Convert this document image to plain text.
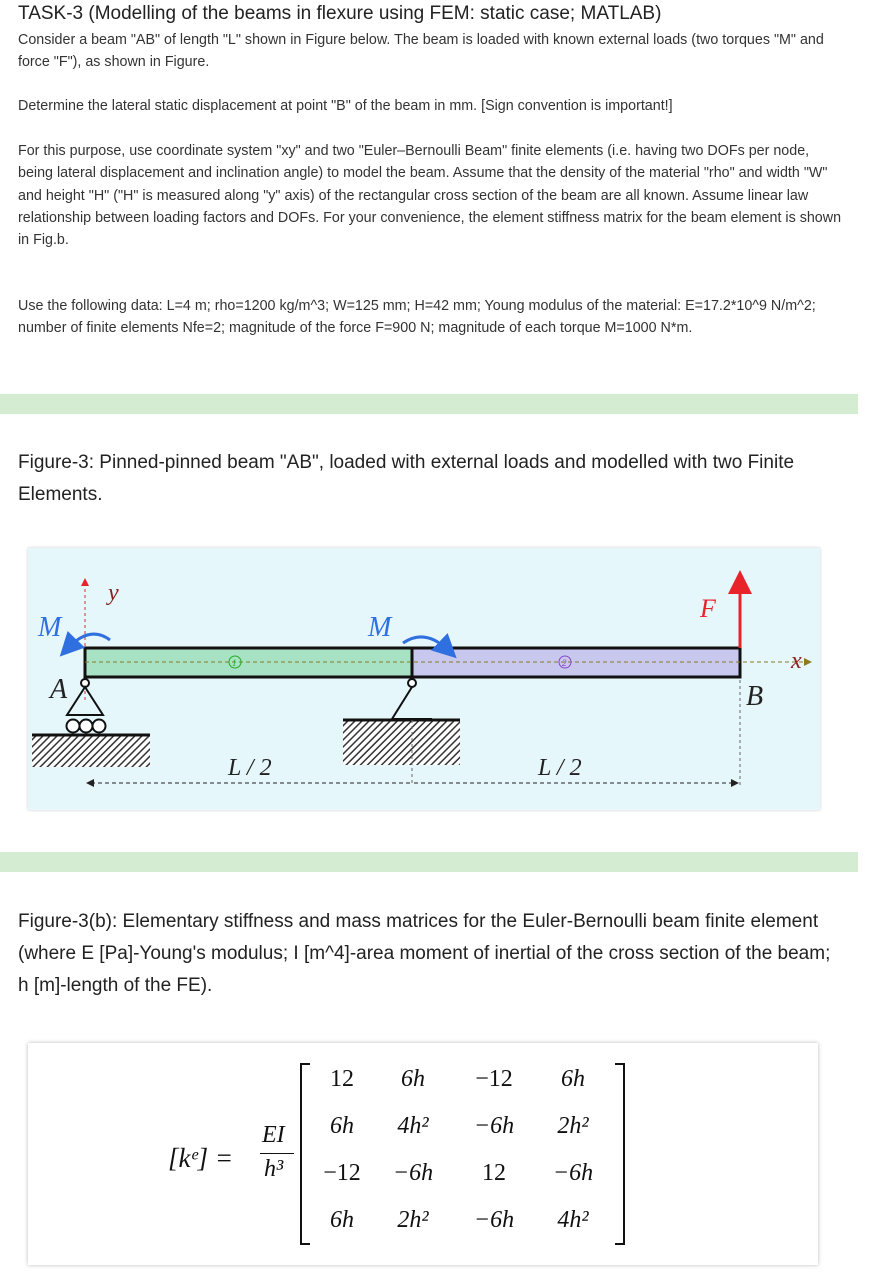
TASK-3 (Modelling of the beams in flexure using FEM: static case; MATLAB)
Consider a beam "AB" of length "L" shown in Figure below. The beam is loaded with known external loads (two torques "M" and force "F"), as shown in Figure.
Determine the lateral static displacement at point "B" of the beam in mm. [Sign convention is important!]
For this purpose, use coordinate system "xy" and two "Euler–Bernoulli Beam" finite elements (i.e. having two DOFs per node, being lateral displacement and inclination angle) to model the beam. Assume that the density of the material "rho" and width "W" and height "H" ("H" is measured along "y" axis) of the rectangular cross section of the beam are all known. Assume linear law relationship between loading factors and DOFs. For your convenience, the element stiffness matrix for the beam element is shown in Fig.b.
Use the following data: L=4 m; rho=1200 kg/m^3; W=125 mm; H=42 mm; Young modulus of the material: E=17.2*10^9 N/m^2; number of finite elements Nfe=2; magnitude of the force F=900 N; magnitude of each torque M=1000 N*m.
Figure-3: Pinned-pinned beam "AB", loaded with external loads and modelled with two Finite Elements.
y
x
1	2
M	M
F
A	B
L / 2	L / 2
Figure-3(b): Elementary stiffness and mass matrices for the Euler-Bernoulli beam finite element (where E [Pa]-Young's modulus; I [m^4]-area moment of inertial of the cross section of the beam; h [m]-length of the FE).
[kᵉ] =
EI
h³
12	6h	−12	6h
6h	4h²	−6h	2h²
−12	−6h	12	−6h
6h	2h²	−6h	4h²
